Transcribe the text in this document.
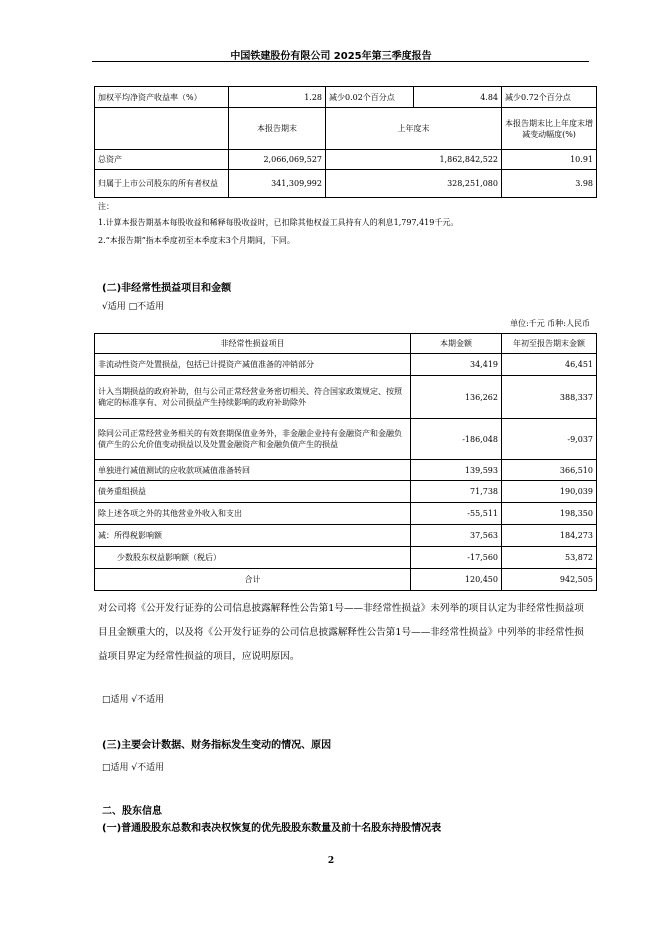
中国铁建股份有限公司 2025年第三季度报告
加权平均净资产收益率（%）	1.28	减少0.02个百分点	4.84	减少0.72个百分点
	本报告期末	上年度末		本报告期末比上年度末增减变动幅度(%)
总资产	2,066,069,527	1,862,842,522		10.91
归属于上市公司股东的所有者权益	341,309,992	328,251,080		3.98
注：
1.计算本报告期基本每股收益和稀释每股收益时，已扣除其他权益工具持有人的利息1,797,419千元。
2.“本报告期”指本季度初至本季度末3个月期间，下同。
(二)非经常性损益项目和金额
√适用 □不适用
单位:千元 币种:人民币
非经常性损益项目	本期金额	年初至报告期末金额
非流动性资产处置损益，包括已计提资产减值准备的冲销部分	34,419	46,451
计入当期损益的政府补助，但与公司正常经营业务密切相关、符合国家政策规定、按照确定的标准享有、对公司损益产生持续影响的政府补助除外	136,262	388,337
除同公司正常经营业务相关的有效套期保值业务外，非金融企业持有金融资产和金融负债产生的公允价值变动损益以及处置金融资产和金融负债产生的损益	-186,048	-9,037
单独进行减值测试的应收款项减值准备转回	139,593	366,510
债务重组损益	71,738	190,039
除上述各项之外的其他营业外收入和支出	-55,511	198,350
减：所得税影响额	37,563	184,273
少数股东权益影响额（税后）	-17,560	53,872
合计	120,450	942,505
对公司将《公开发行证券的公司信息披露解释性公告第1号——非经常性损益》未列举的项目认定为非经常性损益项目且金额重大的，以及将《公开发行证券的公司信息披露解释性公告第1号——非经常性损益》中列举的非经常性损益项目界定为经常性损益的项目，应说明原因。
□适用 √不适用
(三)主要会计数据、财务指标发生变动的情况、原因
□适用 √不适用
二、股东信息
(一)普通股股东总数和表决权恢复的优先股股东数量及前十名股东持股情况表
2
